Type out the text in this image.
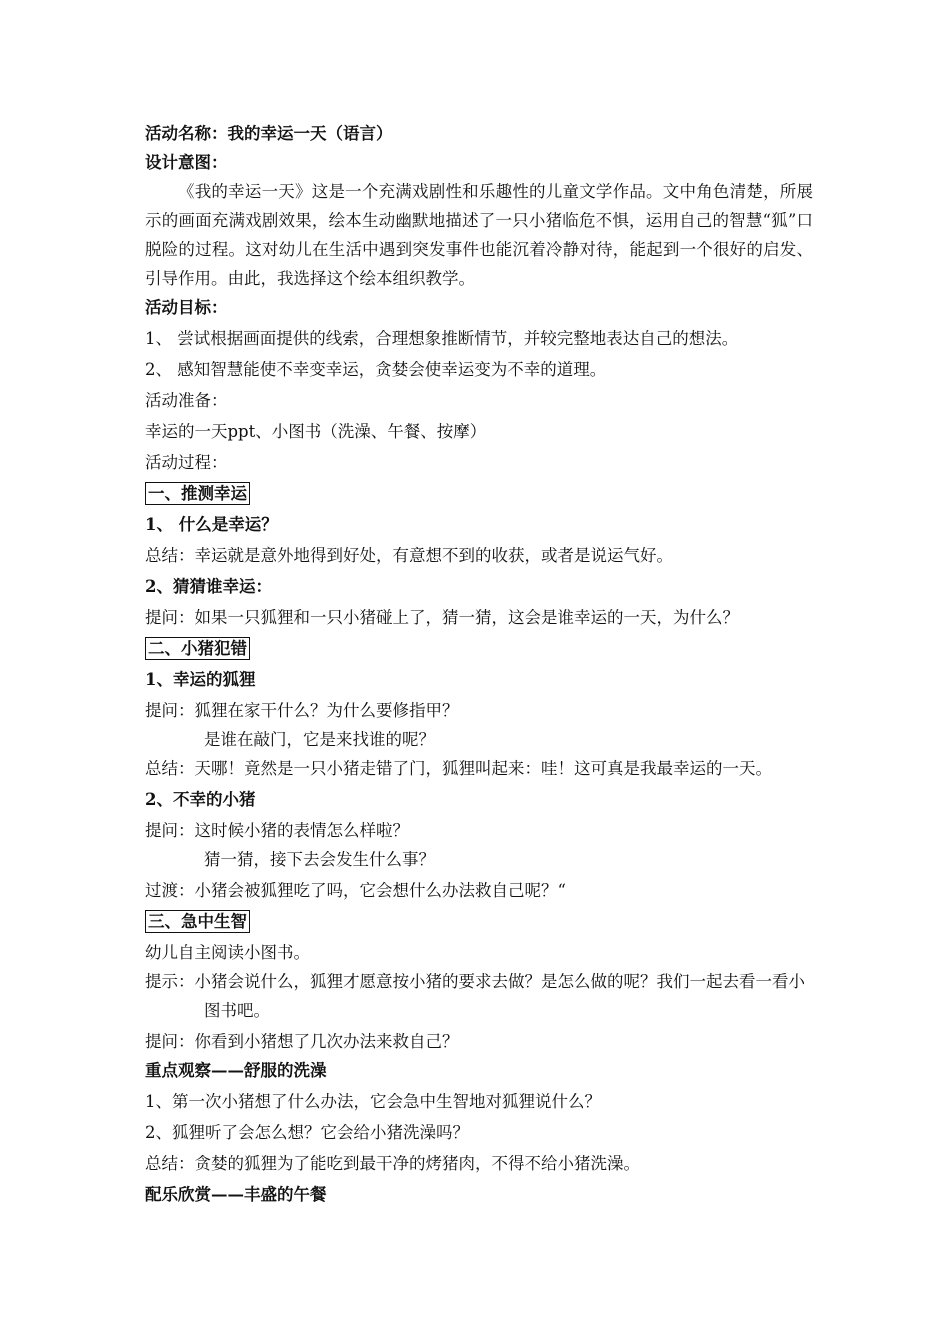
活动名称：我的幸运一天（语言）
设计意图：
《我的幸运一天》这是一个充满戏剧性和乐趣性的儿童文学作品。文中角色清楚，所展示的画面充满戏剧效果，绘本生动幽默地描述了一只小猪临危不惧，运用自己的智慧“狐”口脱险的过程。这对幼儿在生活中遇到突发事件也能沉着冷静对待，能起到一个很好的启发、引导作用。由此，我选择这个绘本组织教学。
活动目标：
1、 尝试根据画面提供的线索，合理想象推断情节，并较完整地表达自己的想法。
2、 感知智慧能使不幸变幸运，贪婪会使幸运变为不幸的道理。
活动准备：
幸运的一天ppt、小图书（洗澡、午餐、按摩）
活动过程：
一、推测幸运
1、 什么是幸运？
总结：幸运就是意外地得到好处，有意想不到的收获，或者是说运气好。
2、猜猜谁幸运：
提问：如果一只狐狸和一只小猪碰上了，猜一猜，这会是谁幸运的一天，为什么？
二、小猪犯错
1、幸运的狐狸
提问：狐狸在家干什么？为什么要修指甲？
是谁在敲门，它是来找谁的呢？
总结：天哪！竟然是一只小猪走错了门，狐狸叫起来：哇！这可真是我最幸运的一天。
2、不幸的小猪
提问：这时候小猪的表情怎么样啦？
猜一猜，接下去会发生什么事？
过渡：小猪会被狐狸吃了吗，它会想什么办法救自己呢？“
三、急中生智
幼儿自主阅读小图书。
提示：小猪会说什么，狐狸才愿意按小猪的要求去做？是怎么做的呢？我们一起去看一看小图书吧。
提问：你看到小猪想了几次办法来救自己？
重点观察——舒服的洗澡
1、第一次小猪想了什么办法，它会急中生智地对狐狸说什么？
2、狐狸听了会怎么想？它会给小猪洗澡吗？
总结：贪婪的狐狸为了能吃到最干净的烤猪肉，不得不给小猪洗澡。
配乐欣赏——丰盛的午餐
